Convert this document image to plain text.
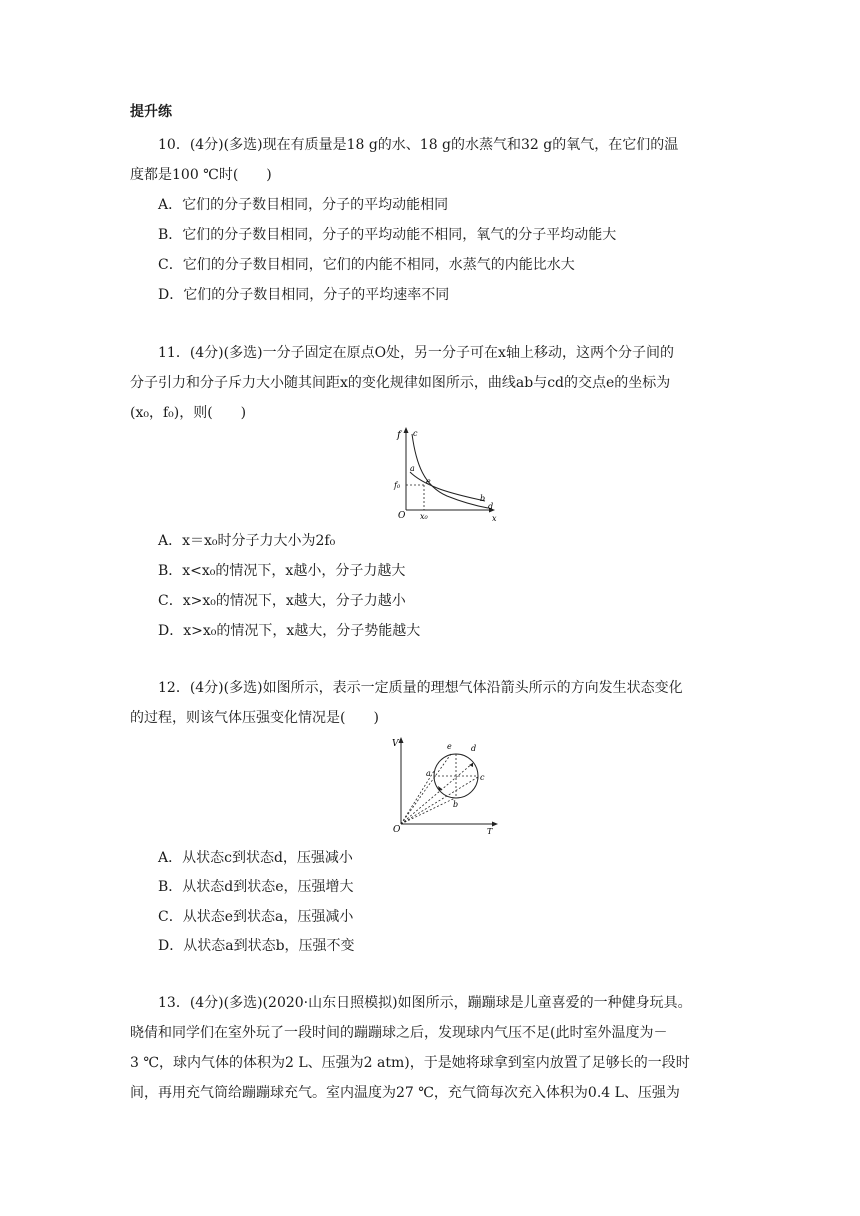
提升练
10．(4分)(多选)现在有质量是18 g的水、18 g的水蒸气和32 g的氧气，在它们的温
度都是100 ℃时(　　)
A．它们的分子数目相同，分子的平均动能相同
B．它们的分子数目相同，分子的平均动能不相同，氧气的分子平均动能大
C．它们的分子数目相同，它们的内能不相同，水蒸气的内能比水大
D．它们的分子数目相同，分子的平均速率不同
11．(4分)(多选)一分子固定在原点O处，另一分子可在x轴上移动，这两个分子间的
分子引力和分子斥力大小随其间距x的变化规律如图所示，曲线ab与cd的交点e的坐标为
(x₀，f₀)，则(　　)
f c
a
f₀	e
b
d
O x₀	x
A．x＝x₀时分子力大小为2f₀
B．x<x₀的情况下，x越小，分子力越大
C．x>x₀的情况下，x越大，分子力越小
D．x>x₀的情况下，x越大，分子势能越大
12．(4分)(多选)如图所示，表示一定质量的理想气体沿箭头所示的方向发生状态变化
的过程，则该气体压强变化情况是(　　)
V	e d
a	c
b
O	T
A．从状态c到状态d，压强减小
B．从状态d到状态e，压强增大
C．从状态e到状态a，压强减小
D．从状态a到状态b，压强不变
13．(4分)(多选)(2020·山东日照模拟)如图所示，蹦蹦球是儿童喜爱的一种健身玩具。
晓倩和同学们在室外玩了一段时间的蹦蹦球之后，发现球内气压不足(此时室外温度为－
3 ℃，球内气体的体积为2 L、压强为2 atm)，于是她将球拿到室内放置了足够长的一段时
间，再用充气筒给蹦蹦球充气。室内温度为27 ℃，充气筒每次充入体积为0.4 L、压强为
